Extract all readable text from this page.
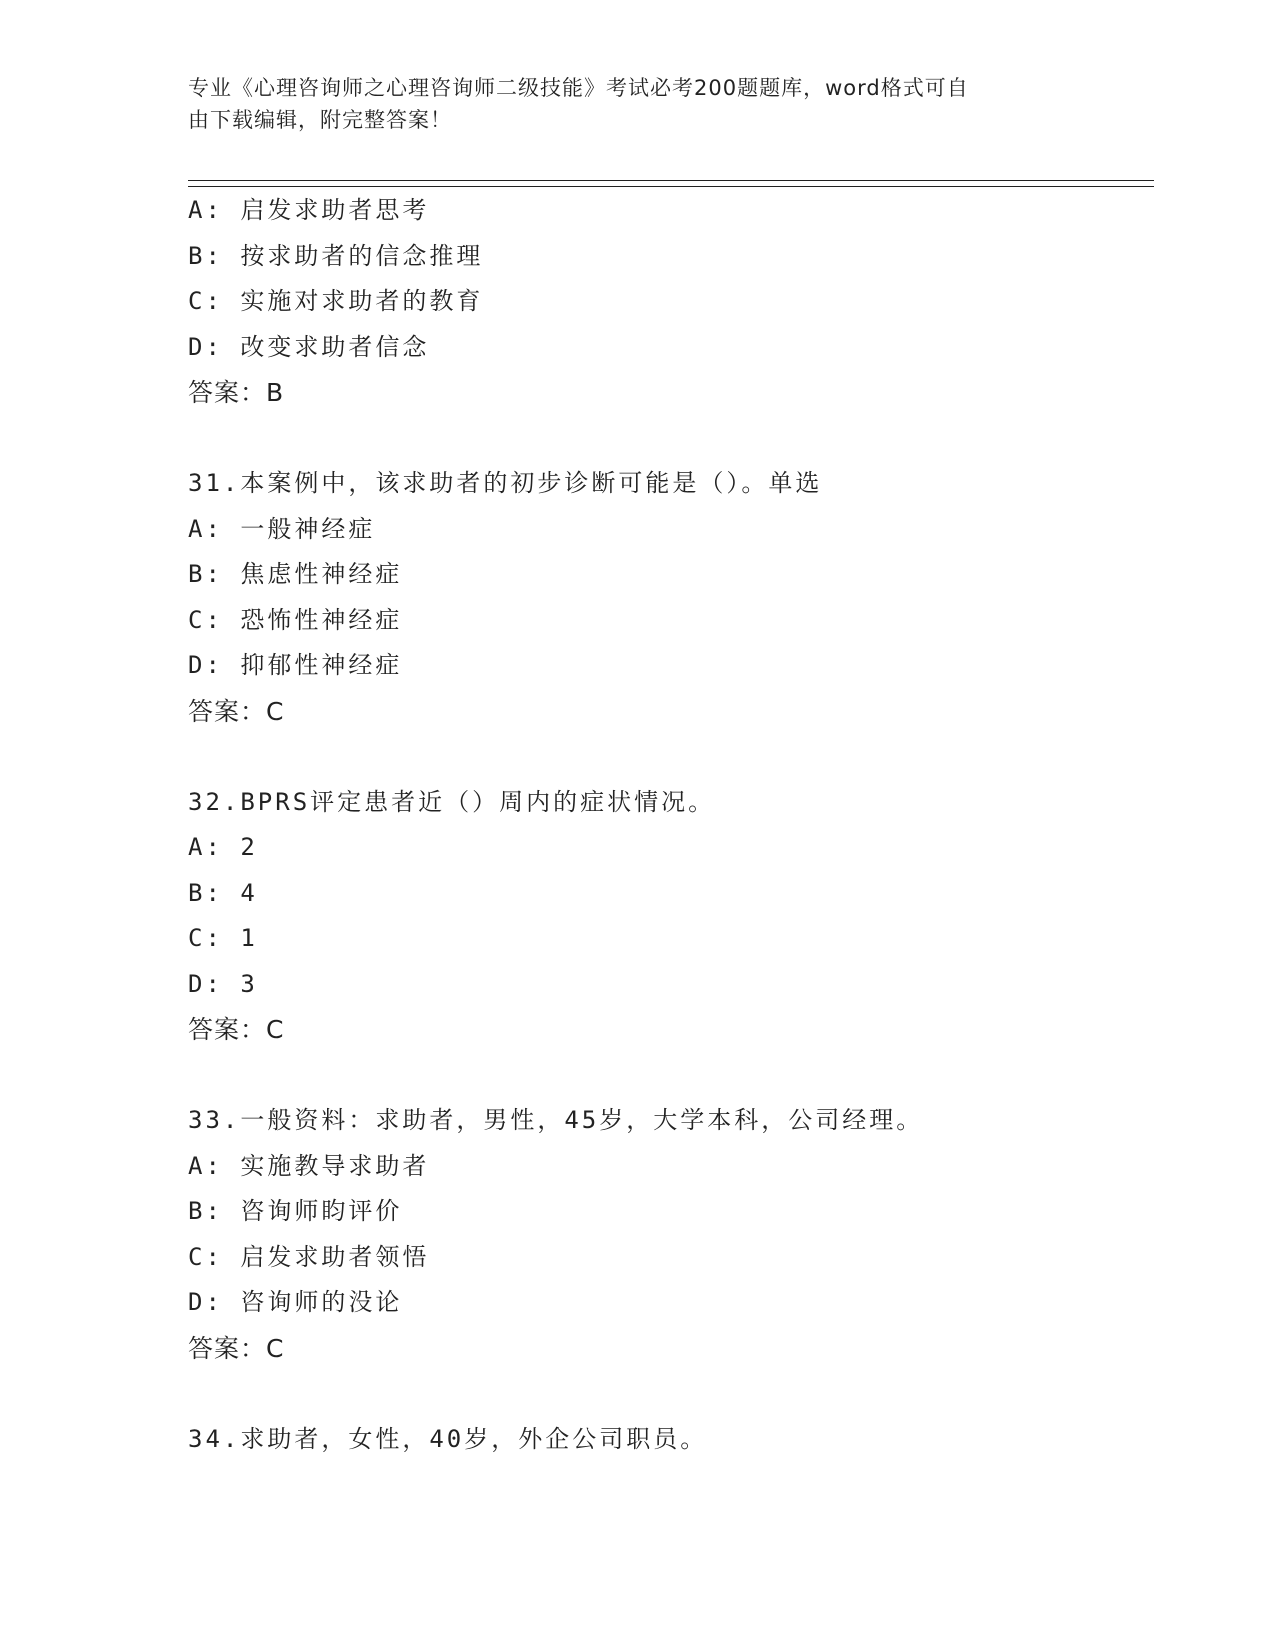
专业《心理咨询师之心理咨询师二级技能》考试必考200题题库，word格式可自
由下载编辑，附完整答案！
A: 启发求助者思考
B: 按求助者的信念推理
C: 实施对求助者的教育
D: 改变求助者信念
答案：B
31.本案例中，该求助者的初步诊断可能是（）。单选
A: 一般神经症
B: 焦虑性神经症
C: 恐怖性神经症
D: 抑郁性神经症
答案：C
32.BPRS评定患者近（）周内的症状情况。
A: 2
B: 4
C: 1
D: 3
答案：C
33.一般资料：求助者，男性，45岁，大学本科，公司经理。
A: 实施教导求助者
B: 咨询师盷评价
C: 启发求助者领悟
D: 咨询师的没论
答案：C
34.求助者，女性，40岁，外企公司职员。
